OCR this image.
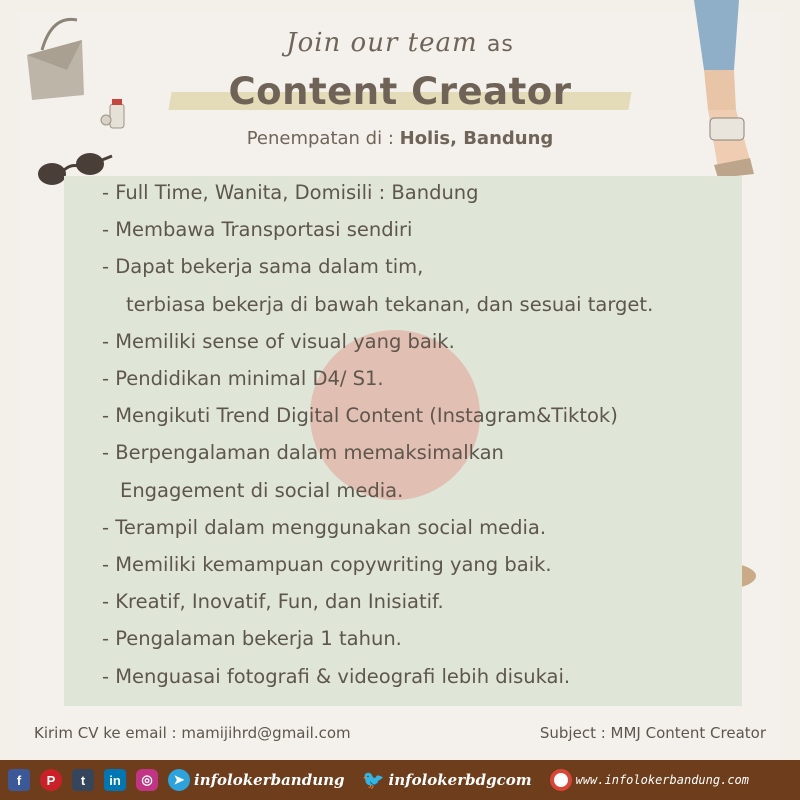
Join our team as
Content Creator
Penempatan di : Holis, Bandung
- Full Time, Wanita, Domisili : Bandung
- Membawa Transportasi sendiri
- Dapat bekerja sama dalam tim,
terbiasa bekerja di bawah tekanan, dan sesuai target.
- Memiliki sense of visual yang baik.
- Pendidikan minimal D4/ S1.
- Mengikuti Trend Digital Content (Instagram&Tiktok)
- Berpengalaman dalam memaksimalkan
Engagement di social media.
- Terampil dalam menggunakan social media.
- Memiliki kemampuan copywriting yang baik.
- Kreatif, Inovatif, Fun, dan Inisiatif.
- Pengalaman bekerja 1 tahun.
- Menguasai fotografi & videografi lebih disukai.
Kirim CV ke email : mamijihrd@gmail.com	Subject : MMJ Content Creator
f	P	t	in	◎	➤ infolokerbandung 🐦 infolokerbdgcom	www.infolokerbandung.com
